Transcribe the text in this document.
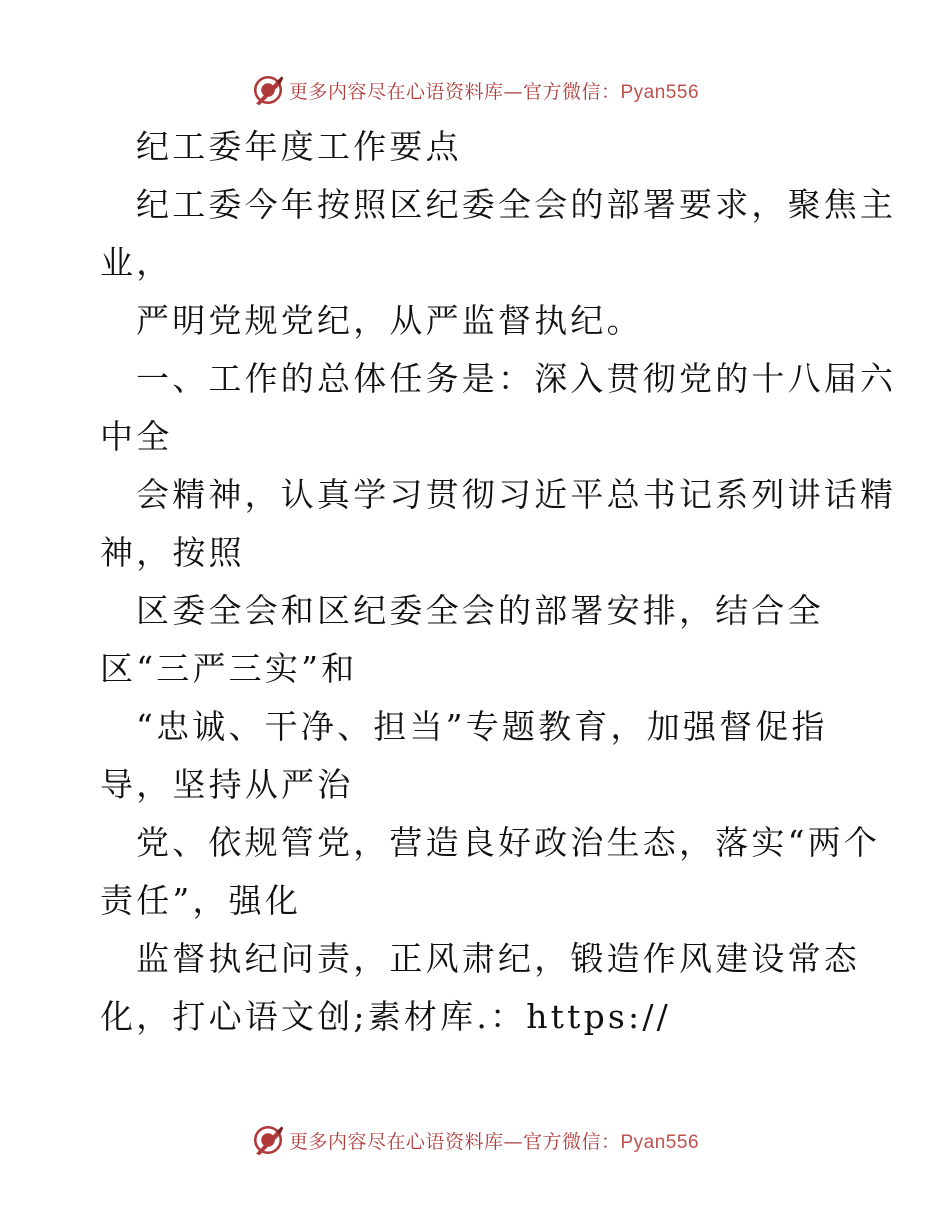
更多内容尽在心语资料库—官方微信：Pyan556
纪工委年度工作要点
纪工委今年按照区纪委全会的部署要求，聚焦主
业，
严明党规党纪，从严监督执纪。
一、工作的总体任务是：深入贯彻党的十八届六
中全
会精神，认真学习贯彻习近平总书记系列讲话精
神，按照
区委全会和区纪委全会的部署安排，结合全
区“三严三实”和
“忠诚、干净、担当”专题教育，加强督促指
导，坚持从严治
党、依规管党，营造良好政治生态，落实“两个
责任”，强化
监督执纪问责，正风肃纪，锻造作风建设常态
化，打心语文创;素材库.：https://
更多内容尽在心语资料库—官方微信：Pyan556
